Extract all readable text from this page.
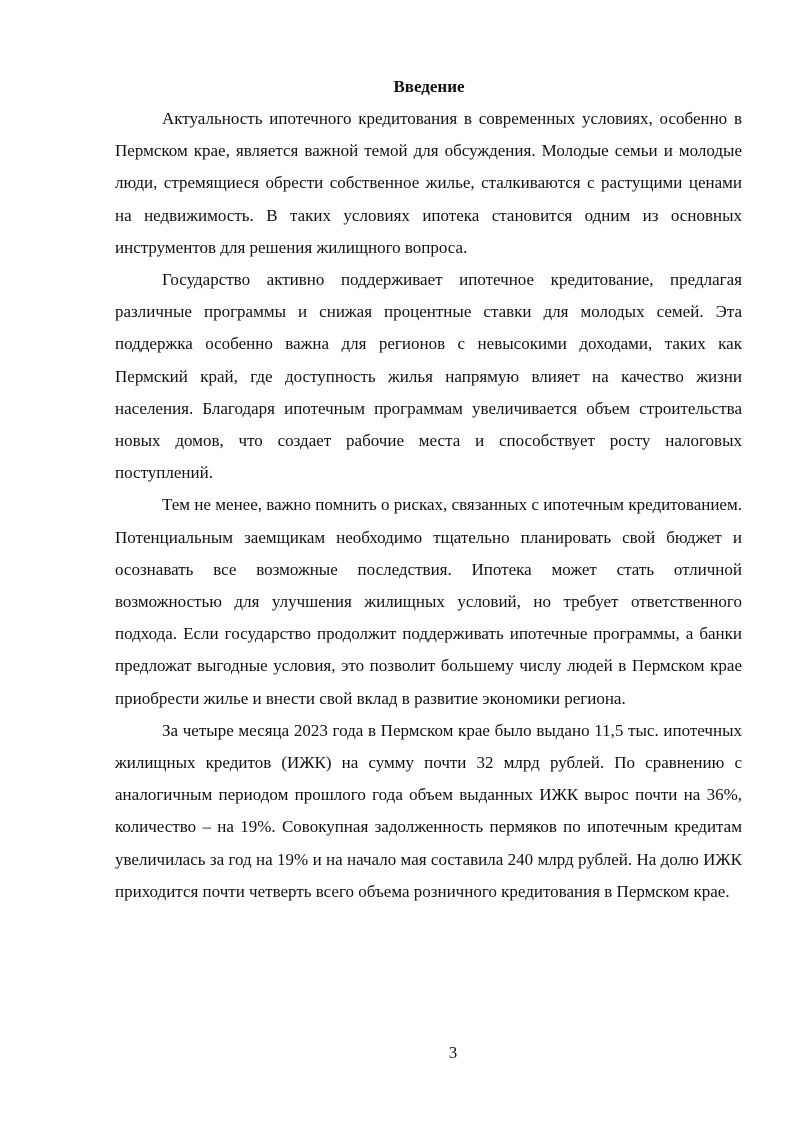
Введение

Актуальность ипотечного кредитования в современных условиях, особенно в Пермском крае, является важной темой для обсуждения. Молодые семьи и молодые люди, стремящиеся обрести собственное жилье, сталкиваются с растущими ценами на недвижимость. В таких условиях ипотека становится одним из основных инструментов для решения жилищного вопроса.

Государство активно поддерживает ипотечное кредитование, предлагая различные программы и снижая процентные ставки для молодых семей. Эта поддержка особенно важна для регионов с невысокими доходами, таких как Пермский край, где доступность жилья напрямую влияет на качество жизни населения. Благодаря ипотечным программам увеличивается объем строительства новых домов, что создает рабочие места и способствует росту налоговых поступлений.

Тем не менее, важно помнить о рисках, связанных с ипотечным кредитованием. Потенциальным заемщикам необходимо тщательно планировать свой бюджет и осознавать все возможные последствия. Ипотека может стать отличной возможностью для улучшения жилищных условий, но требует ответственного подхода. Если государство продолжит поддерживать ипотечные программы, а банки предложат выгодные условия, это позволит большему числу людей в Пермском крае приобрести жилье и внести свой вклад в развитие экономики региона.

За четыре месяца 2023 года в Пермском крае было выдано 11,5 тыс. ипотечных жилищных кредитов (ИЖК) на сумму почти 32 млрд рублей. По сравнению с аналогичным периодом прошлого года объем выданных ИЖК вырос почти на 36%, количество – на 19%. Совокупная задолженность пермяков по ипотечным кредитам увеличилась за год на 19% и на начало мая составила 240 млрд рублей. На долю ИЖК приходится почти четверть всего объема розничного кредитования в Пермском крае.

3
